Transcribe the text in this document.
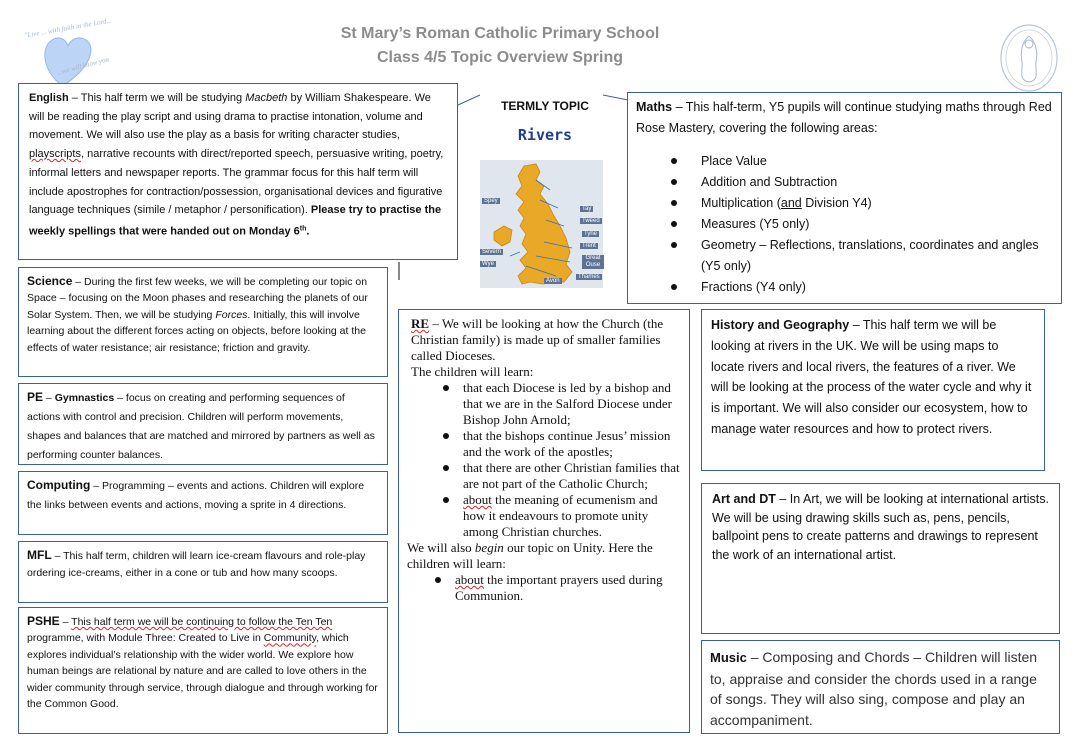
St Mary’s Roman Catholic Primary School
Class 4/5 Topic Overview Spring
"Live ... with faith in the Lord...
...we will know you
English – This half term we will be studying Macbeth by William Shakespeare. We will be reading the play script and using drama to practise intonation, volume and movement. We will also use the play as a basis for writing character studies, playscripts, narrative recounts with direct/reported speech, persuasive writing, poetry, informal letters and newspaper reports. The grammar focus for this half term will include apostrophes for contraction/possession, organisational devices and figurative language techniques (simile / metaphor / personification). Please try to practise the weekly spellings that were handed out on Monday 6th.
TERMLY TOPIC
Rivers
Spey
Tay
Tweed
Tyne
Trent
Severn
Wye
Great Ouse
Thames
Avon
Maths – This half-term, Y5 pupils will continue studying maths through Red Rose Mastery, covering the following areas:
Place Value
Addition and Subtraction
Multiplication (and Division Y4)
Measures (Y5 only)
Geometry – Reflections, translations, coordinates and angles (Y5 only)
Fractions (Y4 only)
Science – During the first few weeks, we will be completing our topic on Space – focusing on the Moon phases and researching the planets of our Solar System. Then, we will be studying Forces. Initially, this will involve learning about the different forces acting on objects, before looking at the effects of water resistance; air resistance; friction and gravity.
PE – Gymnastics – focus on creating and performing sequences of actions with control and precision. Children will perform movements, shapes and balances that are matched and mirrored by partners as well as performing counter balances.
Computing – Programming – events and actions. Children will explore the links between events and actions, moving a sprite in 4 directions.
MFL – This half term, children will learn ice-cream flavours and role-play ordering ice-creams, either in a cone or tub and how many scoops.
PSHE – This half term we will be continuing to follow the Ten Ten programme, with Module Three: Created to Live in Community, which explores individual’s relationship with the wider world. We explore how human beings are relational by nature and are called to love others in the wider community through service, through dialogue and through working for the Common Good.
RE – We will be looking at how the Church (the Christian family) is made up of smaller families called Dioceses.
The children will learn:
that each Diocese is led by a bishop and that we are in the Salford Diocese under Bishop John Arnold;
that the bishops continue Jesus’ mission and the work of the apostles;
that there are other Christian families that are not part of the Catholic Church;
about the meaning of ecumenism and how it endeavours to promote unity among Christian churches.
We will also begin our topic on Unity. Here the children will learn:
about the important prayers used during Communion.
History and Geography – This half term we will be looking at rivers in the UK. We will be using maps to locate rivers and local rivers, the features of a river. We will be looking at the process of the water cycle and why it is important. We will also consider our ecosystem, how to manage water resources and how to protect rivers.
Art and DT – In Art, we will be looking at international artists. We will be using drawing skills such as, pens, pencils, ballpoint pens to create patterns and drawings to represent the work of an international artist.
Music – Composing and Chords – Children will listen to, appraise and consider the chords used in a range of songs. They will also sing, compose and play an accompaniment.
